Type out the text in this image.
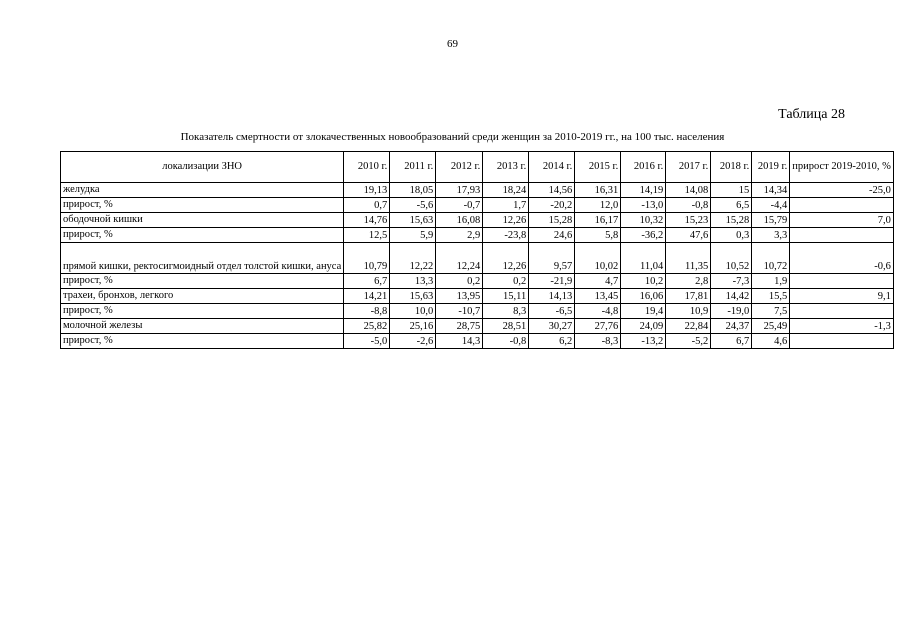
69
Таблица 28
Показатель смертности от злокачественных новообразований среди женщин за 2010-2019 гг., на 100 тыс. населения
локализации ЗНО	2010 г.	2011 г.	2012 г.	2013 г.	2014 г.	2015 г.	2016 г.	2017 г.	2018 г.	2019 г.	прирост 2019-2010, %
желудка	19,13	18,05	17,93	18,24	14,56	16,31	14,19	14,08	15	14,34	-25,0
прирост, %	0,7	-5,6	-0,7	1,7	-20,2	12,0	-13,0	-0,8	6,5	-4,4	
ободочной кишки	14,76	15,63	16,08	12,26	15,28	16,17	10,32	15,23	15,28	15,79	7,0
прирост, %	12,5	5,9	2,9	-23,8	24,6	5,8	-36,2	47,6	0,3	3,3	
прямой кишки, ректосигмоидный отдел толстой кишки, ануса	10,79	12,22	12,24	12,26	9,57	10,02	11,04	11,35	10,52	10,72	-0,6
прирост, %	6,7	13,3	0,2	0,2	-21,9	4,7	10,2	2,8	-7,3	1,9	
трахеи, бронхов, легкого	14,21	15,63	13,95	15,11	14,13	13,45	16,06	17,81	14,42	15,5	9,1
прирост, %	-8,8	10,0	-10,7	8,3	-6,5	-4,8	19,4	10,9	-19,0	7,5	
молочной железы	25,82	25,16	28,75	28,51	30,27	27,76	24,09	22,84	24,37	25,49	-1,3
прирост, %	-5,0	-2,6	14,3	-0,8	6,2	-8,3	-13,2	-5,2	6,7	4,6	
